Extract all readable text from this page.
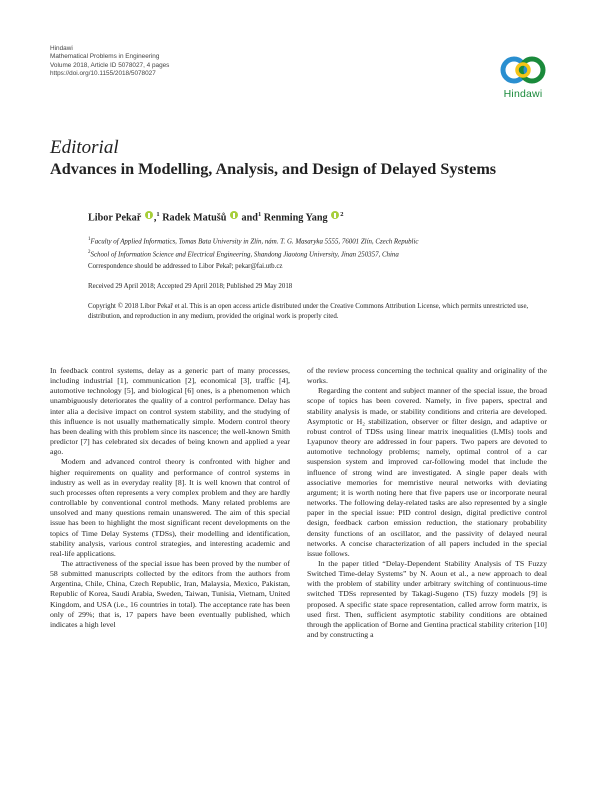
Hindawi
Mathematical Problems in Engineering
Volume 2018, Article ID 5078027, 4 pages
https://doi.org/10.1155/2018/5078027
Hindawi
Editorial
Advances in Modelling, Analysis, and Design of Delayed Systems
Libor Pekař ,$^1$ Radek Matušů  and$^1$ Renming Yang $^2$
$^1$Faculty of Applied Informatics, Tomas Bata University in Zlín, nám. T. G. Masaryka 5555, 76001 Zlín, Czech Republic
$^2$School of Information Science and Electrical Engineering, Shandong Jiaotong University, Jinan 250357, China
Correspondence should be addressed to Libor Pekař; pekar@fai.utb.cz
Received 29 April 2018; Accepted 29 April 2018; Published 29 May 2018
Copyright © 2018 Libor Pekař et al. This is an open access article distributed under the Creative Commons Attribution License, which permits unrestricted use, distribution, and reproduction in any medium, provided the original work is properly cited.

In feedback control systems, delay as a generic part of many processes, including industrial [1], communication [2], economical [3], traffic [4], automotive technology [5], and biological [6] ones, is a phenomenon which unambiguously deteriorates the quality of a control performance. Delay has inter alia a decisive impact on control system stability, and the studying of this influence is not usually mathematically simple. Modern control theory has been dealing with this problem since its nascence; the well-known Smith predictor [7] has celebrated six decades of being known and applied a year ago.

Modern and advanced control theory is confronted with higher and higher requirements on quality and performance of control systems in industry as well as in everyday reality [8]. It is well known that control of such processes often represents a very complex problem and they are hardly controllable by conventional control methods. Many related problems are unsolved and many questions remain unanswered. The aim of this special issue has been to highlight the most significant recent developments on the topics of Time Delay Systems (TDSs), their modelling and identification, stability analysis, various control strategies, and interesting academic and real-life applications.

The attractiveness of the special issue has been proved by the number of 58 submitted manuscripts collected by the editors from the authors from Argentina, Chile, China, Czech Republic, Iran, Malaysia, Mexico, Pakistan, Republic of Korea, Saudi Arabia, Sweden, Taiwan, Tunisia, Vietnam, United Kingdom, and USA (i.e., 16 countries in total). The acceptance rate has been only of 29%; that is, 17 papers have been eventually published, which indicates a high level

of the review process concerning the technical quality and originality of the works.

Regarding the content and subject manner of the special issue, the broad scope of topics has been covered. Namely, in five papers, spectral and stability analysis is made, or stability conditions and criteria are developed. Asymptotic or H₂ stabilization, observer or filter design, and adaptive or robust control of TDSs using linear matrix inequalities (LMIs) tools and Lyapunov theory are addressed in four papers. Two papers are devoted to automotive technology problems; namely, optimal control of a car suspension system and improved car-following model that include the influence of strong wind are investigated. A single paper deals with associative memories for memristive neural networks with deviating argument; it is worth noting here that five papers use or incorporate neural networks. The following delay-related tasks are also represented by a single paper in the special issue: PID control design, digital predictive control design, feedback carbon emission reduction, the stationary probability density functions of an oscillator, and the passivity of delayed neural networks. A concise characterization of all papers included in the special issue follows.

In the paper titled “Delay-Dependent Stability Analysis of TS Fuzzy Switched Time-delay Systems” by N. Aoun et al., a new approach to deal with the problem of stability under arbitrary switching of continuous-time switched TDSs represented by Takagi-Sugeno (TS) fuzzy models [9] is proposed. A specific state space representation, called arrow form matrix, is used first. Then, sufficient asymptotic stability conditions are obtained through the application of Borne and Gentina practical stability criterion [10] and by constructing a
